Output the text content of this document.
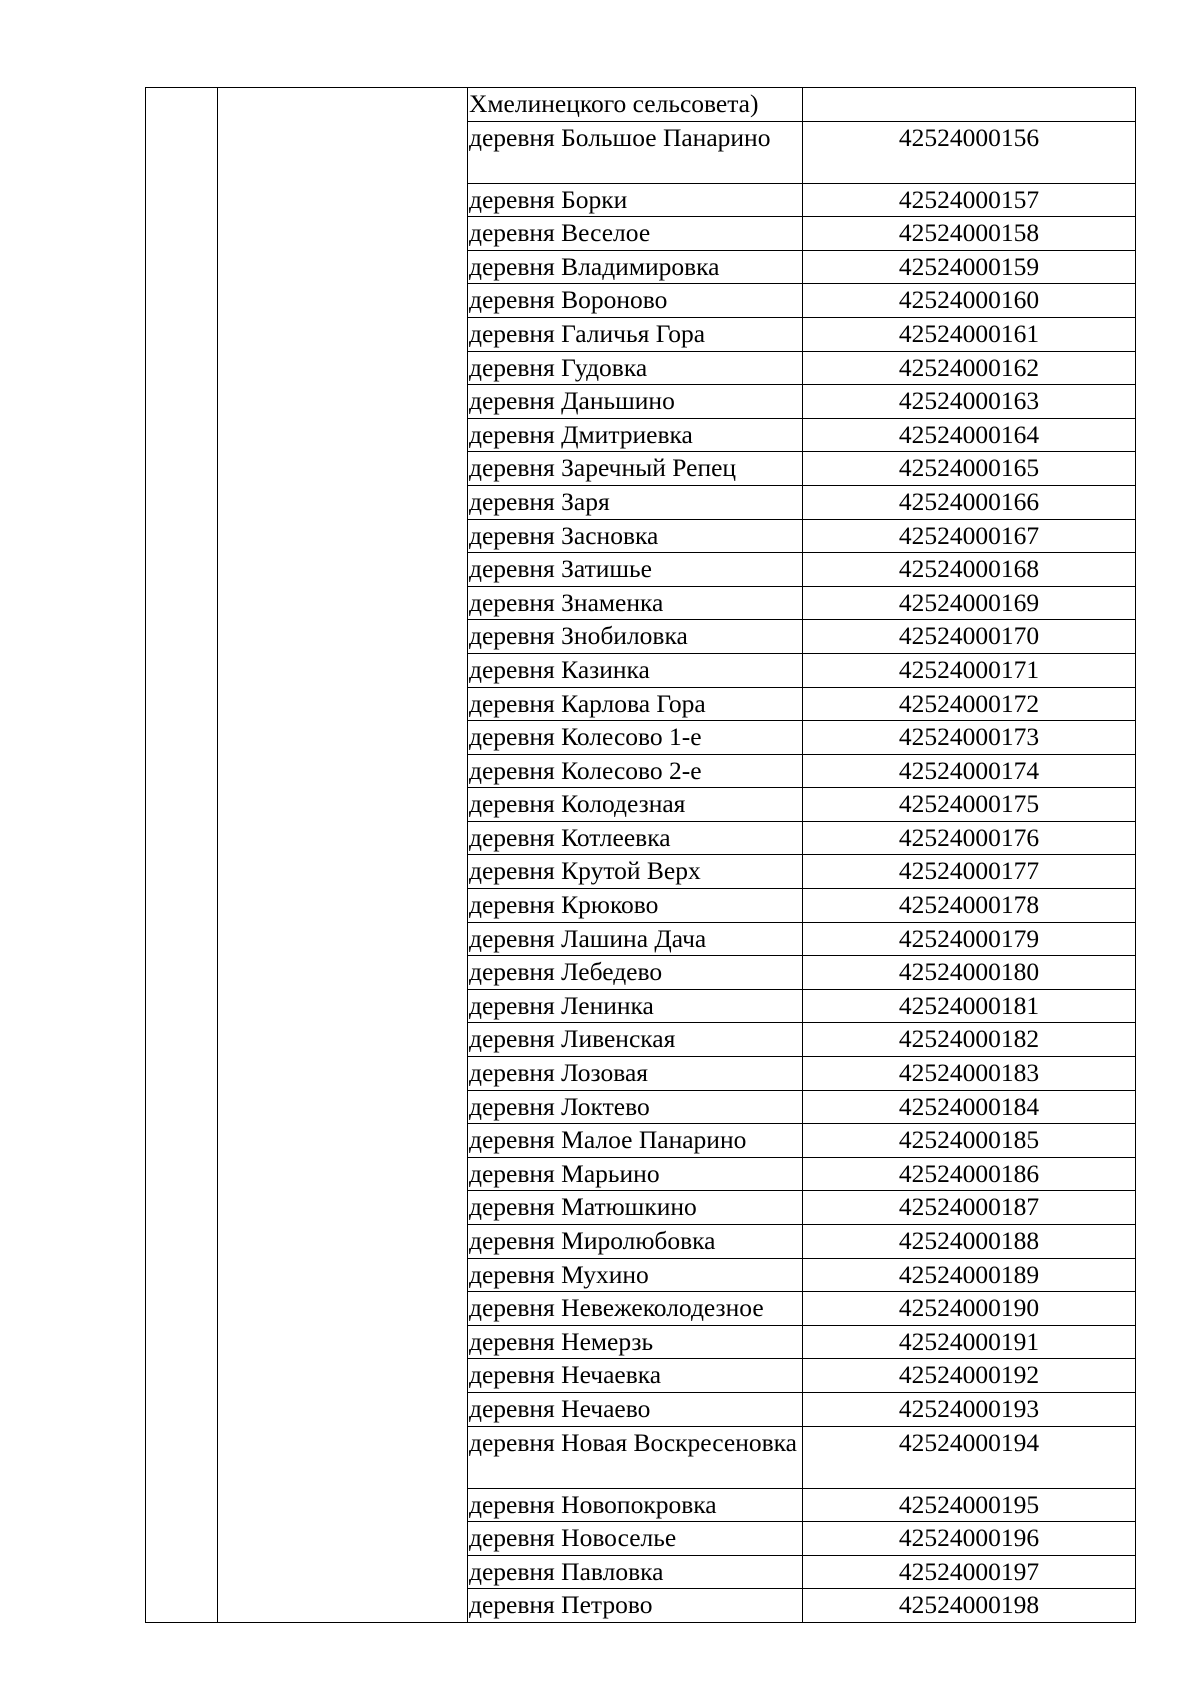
		Хмелинецкого сельсовета)	
		деревня Большое Панарино	42524000156
		деревня Борки	42524000157
		деревня Веселое	42524000158
		деревня Владимировка	42524000159
		деревня Вороново	42524000160
		деревня Галичья Гора	42524000161
		деревня Гудовка	42524000162
		деревня Даньшино	42524000163
		деревня Дмитриевка	42524000164
		деревня Заречный Репец	42524000165
		деревня Заря	42524000166
		деревня Засновка	42524000167
		деревня Затишье	42524000168
		деревня Знаменка	42524000169
		деревня Знобиловка	42524000170
		деревня Казинка	42524000171
		деревня Карлова Гора	42524000172
		деревня Колесово 1-е	42524000173
		деревня Колесово 2-е	42524000174
		деревня Колодезная	42524000175
		деревня Котлеевка	42524000176
		деревня Крутой Верх	42524000177
		деревня Крюково	42524000178
		деревня Лашина Дача	42524000179
		деревня Лебедево	42524000180
		деревня Ленинка	42524000181
		деревня Ливенская	42524000182
		деревня Лозовая	42524000183
		деревня Локтево	42524000184
		деревня Малое Панарино	42524000185
		деревня Марьино	42524000186
		деревня Матюшкино	42524000187
		деревня Миролюбовка	42524000188
		деревня Мухино	42524000189
		деревня Невежеколодезное	42524000190
		деревня Немерзь	42524000191
		деревня Нечаевка	42524000192
		деревня Нечаево	42524000193
		деревня Новая Воскресеновка	42524000194
		деревня Новопокровка	42524000195
		деревня Новоселье	42524000196
		деревня Павловка	42524000197
		деревня Петрово	42524000198
